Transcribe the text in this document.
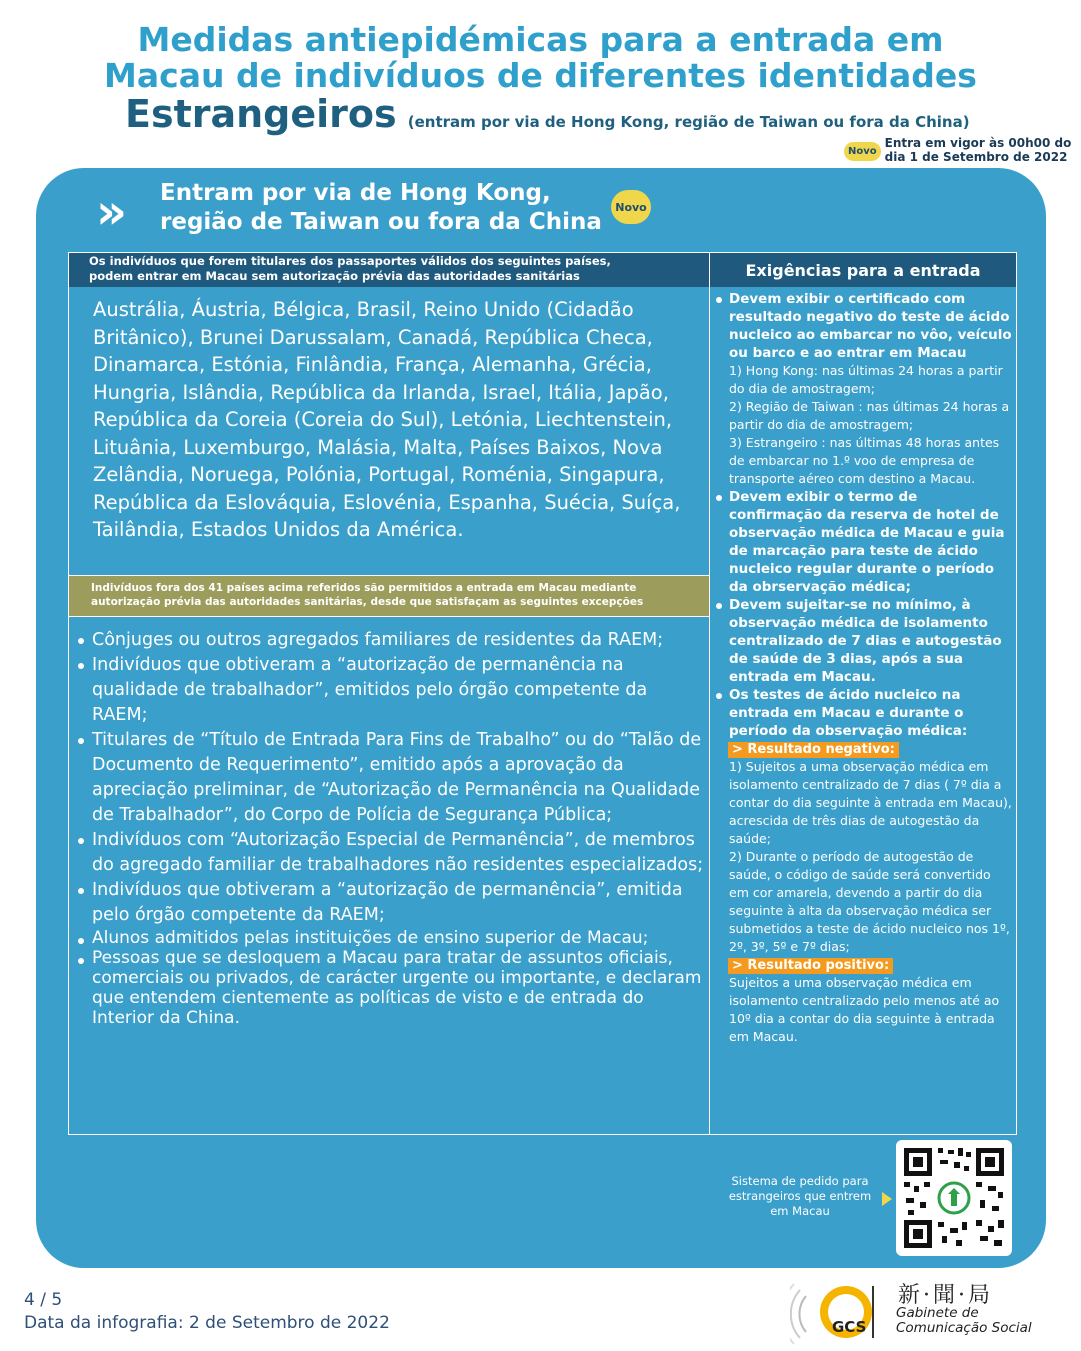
Medidas antiepidémicas para a entrada em
Macau de indivíduos de diferentes identidades
Estrangeiros (entram por via de Hong Kong, região de Taiwan ou fora da China)
Novo
Entra em vigor às 00h00 do
dia 1 de Setembro de 2022
» Entram por via de Hong Kong,
região de Taiwan ou fora da China
Novo
Os indivíduos que forem titulares dos passaportes válidos dos seguintes países,
podem entrar em Macau sem autorização prévia das autoridades sanitárias	Exigências para a entrada
Austrália, Áustria, Bélgica, Brasil, Reino Unido (Cidadão Britânico), Brunei Darussalam, Canadá, República Checa, Dinamarca, Estónia, Finlândia, França, Alemanha, Grécia, Hungria, Islândia, República da Irlanda, Israel, Itália, Japão, República da Coreia (Coreia do Sul), Letónia, Liechtenstein, Lituânia, Luxemburgo, Malásia, Malta, Países Baixos, Nova Zelândia, Noruega, Polónia, Portugal, Roménia, Singapura, República da Eslováquia, Eslovénia, Espanha, Suécia, Suíça, Tailândia, Estados Unidos da América.
Indivíduos fora dos 41 países acima referidos são permitidos a entrada em Macau mediante
autorização prévia das autoridades sanitárias, desde que satisfaçam as seguintes excepções
Cônjuges ou outros agregados familiares de residentes da RAEM;
Indivíduos que obtiveram a “autorização de permanência na qualidade de trabalhador”, emitidos pelo órgão competente da RAEM;
Titulares de “Título de Entrada Para Fins de Trabalho” ou do “Talão de Documento de Requerimento”, emitido após a aprovação da apreciação preliminar, de “Autorização de Permanência na Qualidade de Trabalhador”, do Corpo de Polícia de Segurança Pública;
Indivíduos com “Autorização Especial de Permanência”, de membros do agregado familiar de trabalhadores não residentes especializados;
Indivíduos que obtiveram a “autorização de permanência”, emitida pelo órgão competente da RAEM;
Alunos admitidos pelas instituições de ensino superior de Macau;
Pessoas que se desloquem a Macau para tratar de assuntos oficiais, comerciais ou privados, de carácter urgente ou importante, e declaram que entendem cientemente as políticas de visto e de entrada do Interior da China.
Devem exibir o certificado com resultado negativo do teste de ácido nucleico ao embarcar no vôo, veículo ou barco e ao entrar em Macau
1) Hong Kong: nas últimas 24 horas a partir do dia de amostragem;
2) Região de Taiwan : nas últimas 24 horas a partir do dia de amostragem;
3) Estrangeiro : nas últimas 48 horas antes de embarcar no 1.º voo de empresa de transporte aéreo com destino a Macau.
Devem exibir o termo de confirmação da reserva de hotel de observação médica de Macau e guia de marcação para teste de ácido nucleico regular durante o período da obrservação médica;
Devem sujeitar-se no mínimo, à observação médica de isolamento centralizado de 7 dias e autogestão de saúde de 3 dias, após a sua entrada em Macau.
Os testes de ácido nucleico na entrada em Macau e durante o período da observação médica:
> Resultado negativo:
1) Sujeitos a uma observação médica em isolamento centralizado de 7 dias ( 7º dia a contar do dia seguinte à entrada em Macau), acrescida de três dias de autogestão da saúde;
2) Durante o período de autogestão de saúde, o código de saúde será convertido em cor amarela, devendo a partir do dia seguinte à alta da observação médica ser submetidos a teste de ácido nucleico nos 1º, 2º, 3º, 5º e 7º dias;
> Resultado positivo:
Sujeitos a uma observação médica em isolamento centralizado pelo menos até ao 10º dia a contar do dia seguinte à entrada em Macau.
Sistema de pedido para estrangeiros que entrem em Macau
4 / 5
Data da infografia: 2 de Setembro de 2022	GCS
新·聞·局
Gabinete de
Comunicação Social
